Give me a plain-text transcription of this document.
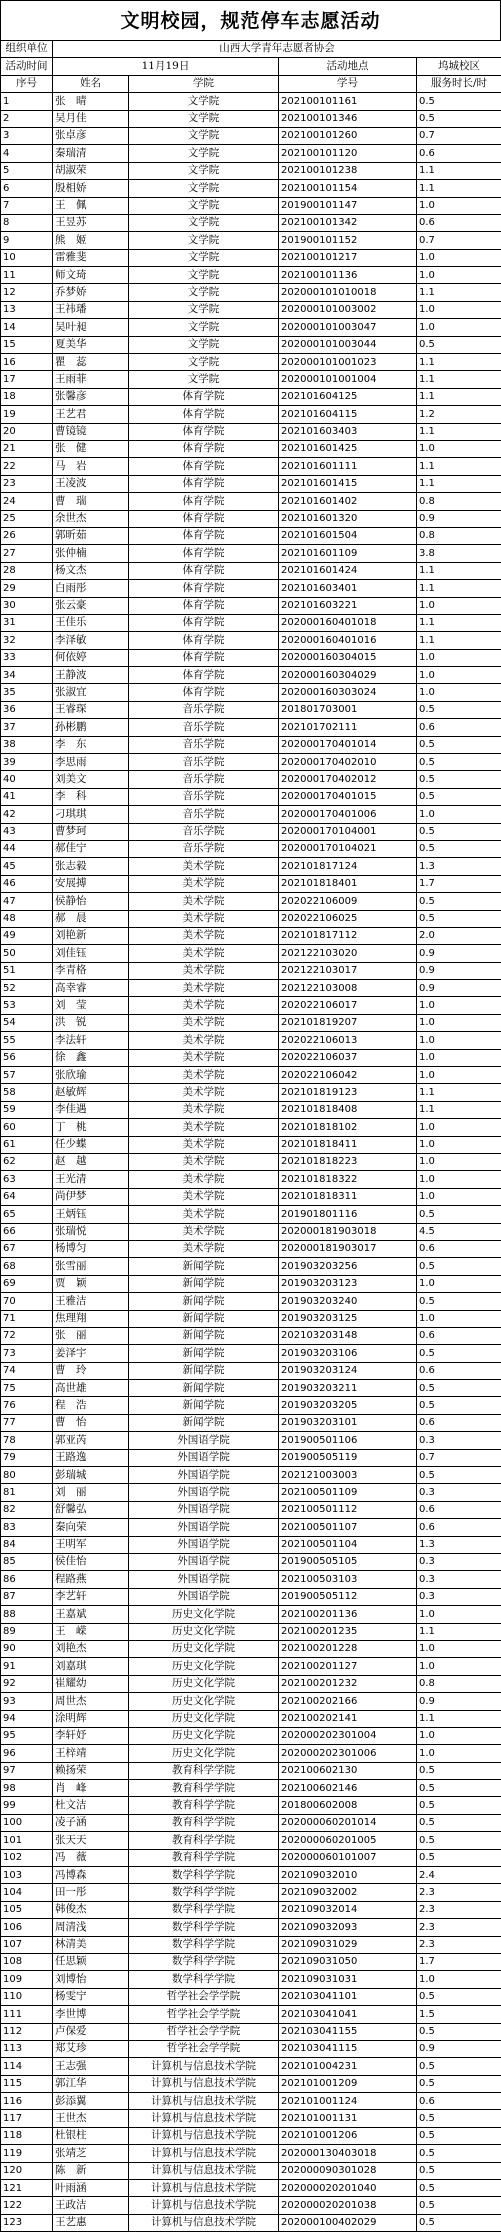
文明校园，规范停车志愿活动
组织单位	山西大学青年志愿者协会			
活动时间	11月19日		活动地点	坞城校区
序号	姓名	学院	学号	服务时长/时
1	张　晴	文学院	202100101161	0.5
2	吴月佳	文学院	202100101346	0.5
3	张卓彦	文学院	202100101260	0.7
4	秦瑞清	文学院	202100101120	0.6
5	胡淑荣	文学院	202100101238	1.1
6	殷相娇	文学院	202100101154	1.1
7	王　佩	文学院	201900101147	1.0
8	王昱苏	文学院	202100101342	0.6
9	熊　姬	文学院	201900101152	0.7
10	雷雅斐	文学院	202100101217	1.0
11	师文琦	文学院	202100101136	1.0
12	乔梦娇	文学院	202000101010018	1.1
13	王祎璠	文学院	202000101003002	1.0
14	吴叶昶	文学院	202000101003047	1.0
15	夏美华	文学院	202000101003044	0.5
16	瞿　蕊	文学院	202000101001023	1.1
17	王雨菲	文学院	202000101001004	1.1
18	张馨彦	体育学院	202101604125	1.1
19	王艺君	体育学院	202101604115	1.2
20	曹镜镜	体育学院	202101603403	1.1
21	张　健	体育学院	202101601425	1.0
22	马　岩	体育学院	202101601111	1.1
23	王凌波	体育学院	202101601415	1.1
24	曹　瑞	体育学院	202101601402	0.8
25	余世杰	体育学院	202101601320	0.9
26	郭昕茹	体育学院	202101601504	0.8
27	张仲楠	体育学院	202101601109	3.8
28	杨文杰	体育学院	202101601424	1.1
29	白雨彤	体育学院	202101603401	1.1
30	张云豪	体育学院	202101603221	1.0
31	王佳乐	体育学院	202000160401018	1.1
32	李泽敏	体育学院	202000160401016	1.1
33	何依婷	体育学院	202000160304015	1.0
34	王静波	体育学院	202000160304029	1.0
35	张淑宜	体育学院	202000160303024	1.0
36	王睿琛	音乐学院	201801703001	0.5
37	孙彬鹏	音乐学院	202101702111	0.6
38	李　东	音乐学院	202000170401014	0.5
39	李思雨	音乐学院	202000170402010	0.5
40	刘美文	音乐学院	202000170402012	0.5
41	李　科	音乐学院	202000170401015	0.5
42	刁琪琪	音乐学院	202000170401006	1.0
43	曹梦珂	音乐学院	202000170104001	0.5
44	郝佳宁	音乐学院	202000170104021	0.5
45	张志毅	美术学院	202101817124	1.3
46	安展搏	美术学院	202101818401	1.7
47	侯静怡	美术学院	202022106009	0.5
48	郝　晨	美术学院	202022106025	0.5
49	刘艳新	美术学院	202101817112	2.0
50	刘佳钰	美术学院	202122103020	0.9
51	李青格	美术学院	202122103017	0.9
52	高幸睿	美术学院	202122103008	0.9
53	刘　莹	美术学院	202022106017	1.0
54	洪　锐	美术学院	202101819207	1.0
55	李法轩	美术学院	202022106013	1.0
56	徐　鑫	美术学院	202022106037	1.0
57	张欣瑜	美术学院	202022106042	1.0
58	赵敏辉	美术学院	202101819123	1.1
59	李佳遇	美术学院	202101818408	1.1
60	丁　桃	美术学院	202101818102	1.0
61	任少蝶	美术学院	202101818411	1.0
62	赵　越	美术学院	202101818223	1.0
63	王光清	美术学院	202101818322	1.0
64	尚伊梦	美术学院	202101818311	1.0
65	王炳钰	美术学院	201901801116	0.5
66	张瑞悦	美术学院	202000181903018	4.5
67	杨博匀	美术学院	202000181903017	0.6
68	张雪丽	新闻学院	201903203256	0.5
69	贾　颖	新闻学院	201903203123	1.0
70	王雅洁	新闻学院	201903203240	0.5
71	焦理翔	新闻学院	201903203125	1.0
72	张　丽	新闻学院	202103203148	0.6
73	姜泽宇	新闻学院	201903203106	0.5
74	曹　玲	新闻学院	201903203124	0.6
75	高世雄	新闻学院	201903203211	0.5
76	程　浩	新闻学院	201903203205	0.5
77	曹　怡	新闻学院	201903203101	0.6
78	郭亚芮	外国语学院	201900501106	0.3
79	王路逸	外国语学院	201900505119	0.7
80	彭瑞城	外国语学院	202121003003	0.5
81	刘　丽	外国语学院	202100501109	0.3
82	舒馨弘	外国语学院	202100501112	0.6
83	秦向荣	外国语学院	202100501107	0.6
84	王明军	外国语学院	202100501104	1.3
85	侯佳怡	外国语学院	201900505105	0.3
86	程路燕	外国语学院	202100503103	0.3
87	李艺轩	外国语学院	201900505112	0.3
88	王嘉斌	历史文化学院	202100201136	1.0
89	王　嵘	历史文化学院	202100201235	1.1
90	刘艳杰	历史文化学院	202100201228	1.0
91	刘嘉琪	历史文化学院	202100201127	1.0
92	崔耀幼	历史文化学院	202100201232	0.8
93	周世杰	历史文化学院	202100202166	0.9
94	涂明辉	历史文化学院	202100202141	1.1
95	李轩妤	历史文化学院	202000202301004	1.0
96	王梓靖	历史文化学院	202000202301006	1.0
97	赖扬荣	教育科学学院	202100602130	0.5
98	肖　峰	教育科学学院	202100602146	0.5
99	杜文洁	教育科学学院	201800602008	0.5
100	凌子涵	教育科学学院	202000060201014	0.5
101	张天天	教育科学学院	202000060201005	0.5
102	冯　薇	教育科学学院	202000060101007	0.5
103	冯博森	数学科学学院	202109032010	2.4
104	田一彤	数学科学学院	202109032002	2.3
105	韩俊杰	数学科学学院	202109032014	2.3
106	周清浅	数学科学学院	202109032093	2.3
107	林清美	数学科学学院	202109031029	2.3
108	任思颖	数学科学学院	202109031050	1.7
109	刘博怡	数学科学学院	202109031031	1.0
110	杨雯宁	哲学社会学学院	202103041101	0.5
111	李世博	哲学社会学学院	202103041041	1.5
112	卢保爱	哲学社会学学院	202103041155	0.5
113	郑艾珍	哲学社会学学院	202103041115	0.9
114	王志强	计算机与信息技术学院	202101004231	0.5
115	郭江华	计算机与信息技术学院	202101001209	0.5
116	彭添翼	计算机与信息技术学院	202101001124	0.6
117	王世杰	计算机与信息技术学院	202101001131	0.5
118	杜银柱	计算机与信息技术学院	202101001206	0.5
119	张靖芝	计算机与信息技术学院	202000130403018	0.5
120	陈　新	计算机与信息技术学院	202000090301028	0.5
121	叶雨涵	计算机与信息技术学院	202000020201040	0.5
122	王政洁	计算机与信息技术学院	202000020201038	0.5
123	王艺惠	计算机与信息技术学院	202000100402029	0.5
